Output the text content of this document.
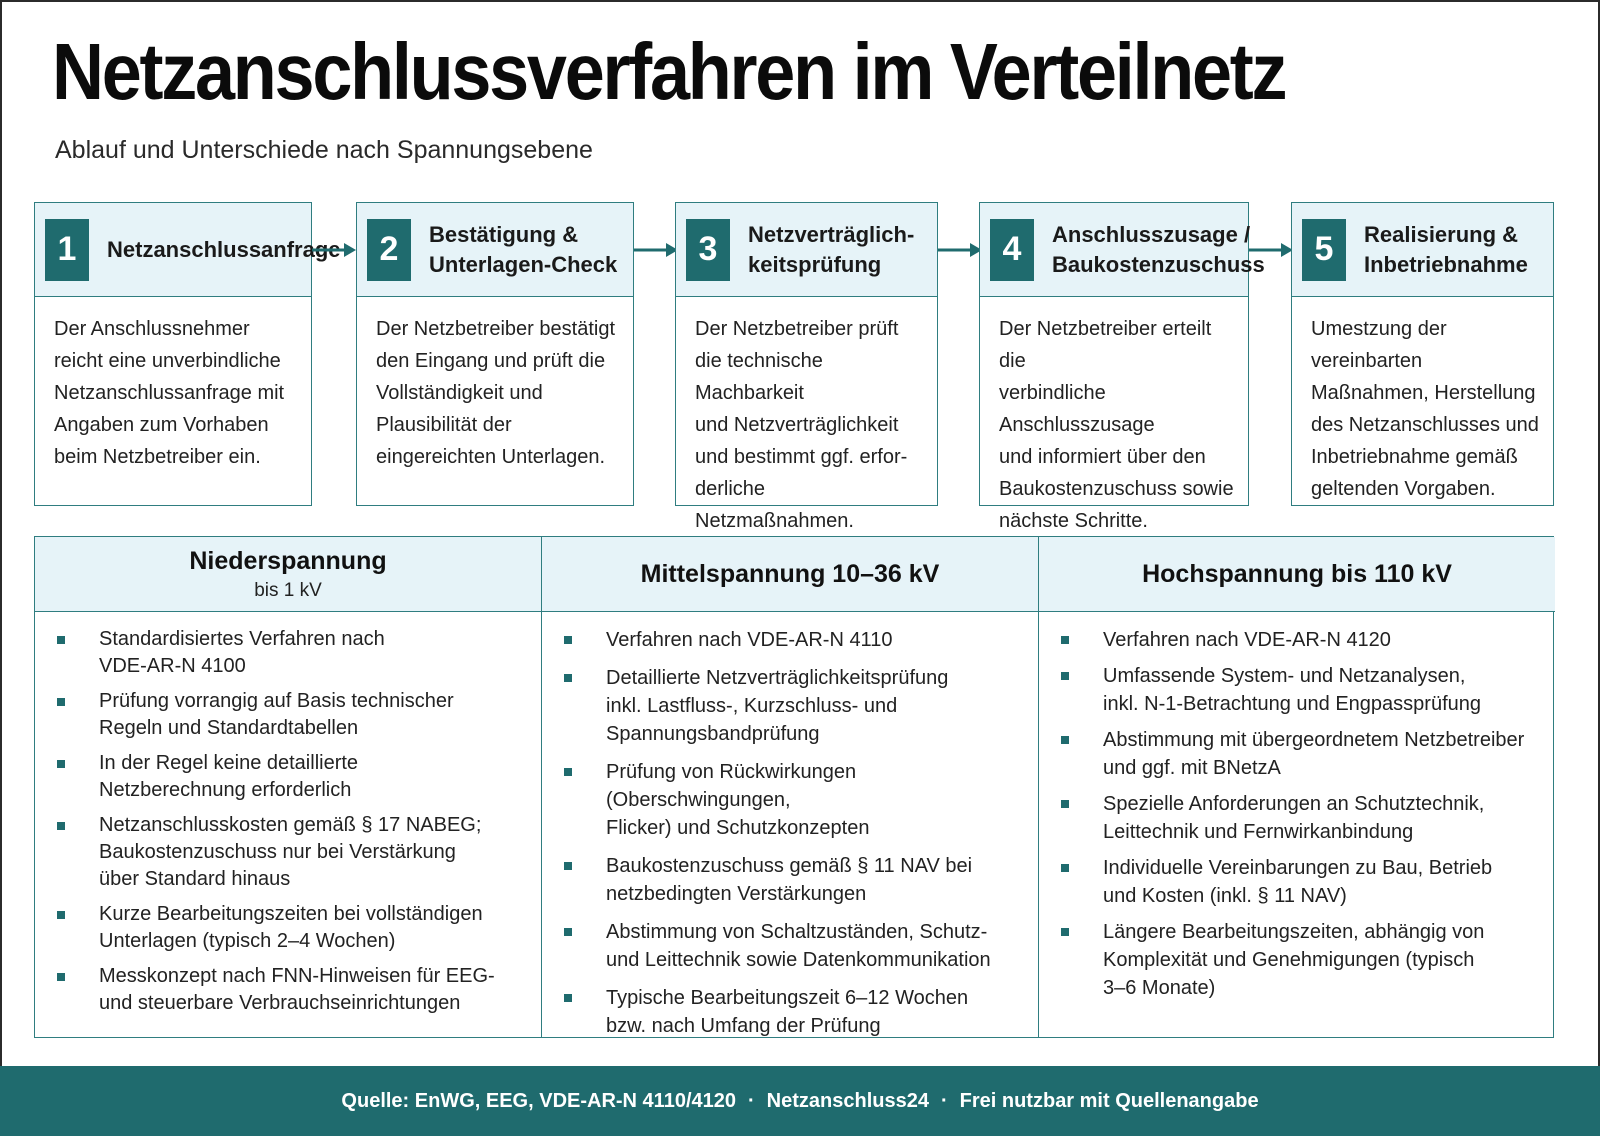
Netzanschlussverfahren im Verteilnetz
Ablauf und Unterschiede nach Spannungsebene
1	Netzanschlussanfrage
Der Anschlussnehmer
reicht eine unverbindliche
Netzanschlussanfrage mit
Angaben zum Vorhaben
beim Netzbetreiber ein.
2	Bestätigung &
Unterlagen-Check
Der Netzbetreiber bestätigt
den Eingang und prüft die
Vollständigkeit und
Plausibilität der
eingereichten Unterlagen.
3	Netzverträglich-
keitsprüfung
Der Netzbetreiber prüft
die technische Machbarkeit
und Netzverträglichkeit
und bestimmt ggf. erfor-
derliche Netzmaßnahmen.
4	Anschlusszusage /
Baukostenzuschuss
Der Netzbetreiber erteilt die
verbindliche Anschlusszusage
und informiert über den
Baukostenzuschuss sowie
nächste Schritte.
5	Realisierung &
Inbetriebnahme
Umestzung der vereinbarten
Maßnahmen, Herstellung
des Netzanschlusses und
Inbetriebnahme gemäß
geltenden Vorgaben.
Niederspannung
bis 1 kV
Standardisiertes Verfahren nach
VDE-AR-N 4100
Prüfung vorrangig auf Basis technischer
Regeln und Standardtabellen
In der Regel keine detaillierte
Netzberechnung erforderlich
Netzanschlusskosten gemäß § 17 NABEG;
Baukostenzuschuss nur bei Verstärkung
über Standard hinaus
Kurze Bearbeitungszeiten bei vollständigen
Unterlagen (typisch 2–4 Wochen)
Messkonzept nach FNN-Hinweisen für EEG-
und steuerbare Verbrauchseinrichtungen
Mittelspannung 10–36 kV
Verfahren nach VDE-AR-N 4110
Detaillierte Netzverträglichkeitsprüfung
inkl. Lastfluss-, Kurzschluss- und
Spannungsbandprüfung
Prüfung von Rückwirkungen (Oberschwingungen,
Flicker) und Schutzkonzepten
Baukostenzuschuss gemäß § 11 NAV bei
netzbedingten Verstärkungen
Abstimmung von Schaltzuständen, Schutz-
und Leittechnik sowie Datenkommunikation
Typische Bearbeitungszeit 6–12 Wochen
bzw. nach Umfang der Prüfung
Hochspannung bis 110 kV
Verfahren nach VDE-AR-N 4120
Umfassende System- und Netzanalysen,
inkl. N-1-Betrachtung und Engpassprüfung
Abstimmung mit übergeordnetem Netzbetreiber
und ggf. mit BNetzA
Spezielle Anforderungen an Schutztechnik,
Leittechnik und Fernwirkanbindung
Individuelle Vereinbarungen zu Bau, Betrieb
und Kosten (inkl. § 11 NAV)
Längere Bearbeitungszeiten, abhängig von
Komplexität und Genehmigungen (typisch
3–6 Monate)
Quelle: EnWG, EEG, VDE-AR-N 4110/4120 · Netzanschluss24 · Frei nutzbar mit Quellenangabe
